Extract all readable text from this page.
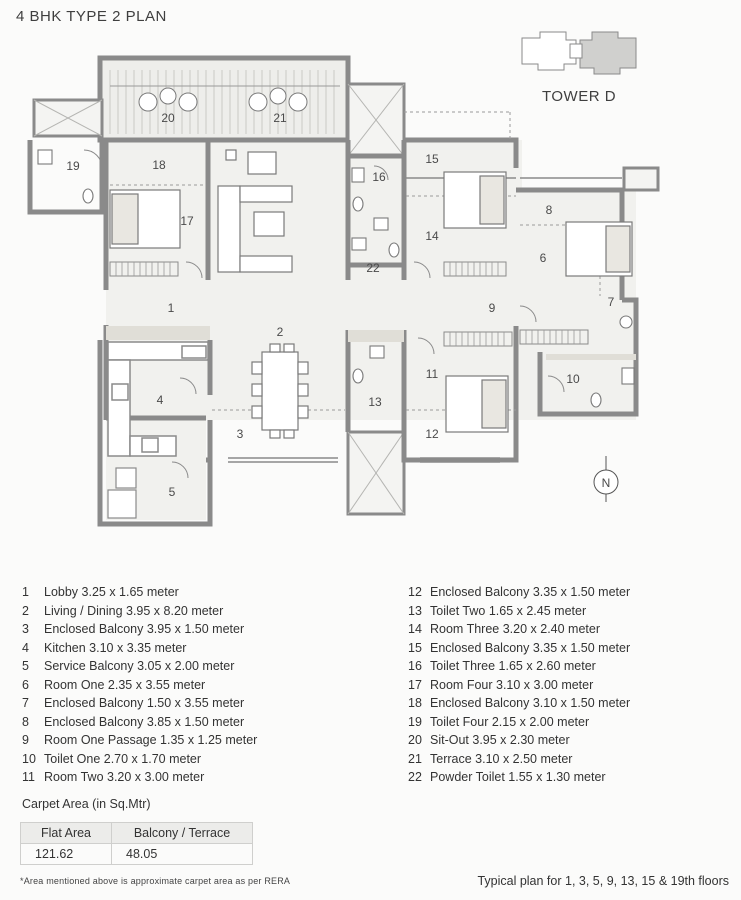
4 BHK TYPE 2 PLAN
TOWER D
N
1
2
3
4
5
6
7
8
9
10
11
12
13
14
15
16
17
18
19
20	21
22
1 Lobby 3.25 x 1.65 meter
2 Living / Dining 3.95 x 8.20 meter
3 Enclosed Balcony 3.95 x 1.50 meter
4 Kitchen 3.10 x 3.35 meter
5 Service Balcony 3.05 x 2.00 meter
6 Room One 2.35 x 3.55 meter
7 Enclosed Balcony 1.50 x 3.55 meter
8 Enclosed Balcony 3.85 x 1.50 meter
9 Room One Passage 1.35 x 1.25 meter
10 Toilet One 2.70 x 1.70 meter
11 Room Two 3.20 x 3.00 meter
12 Enclosed Balcony 3.35 x 1.50 meter
13 Toilet Two 1.65 x 2.45 meter
14 Room Three 3.20 x 2.40 meter
15 Enclosed Balcony 3.35 x 1.50 meter
16 Toilet Three 1.65 x 2.60 meter
17 Room Four 3.10 x 3.00 meter
18 Enclosed Balcony 3.10 x 1.50 meter
19 Toilet Four 2.15 x 2.00 meter
20 Sit-Out 3.95 x 2.30 meter
21 Terrace 3.10 x 2.50 meter
22 Powder Toilet 1.55 x 1.30 meter
Carpet Area (in Sq.Mtr)
Flat Area	Balcony / Terrace
121.62	48.05
*Area mentioned above is approximate carpet area as per RERA	Typical plan for 1, 3, 5, 9, 13, 15 & 19th floors
